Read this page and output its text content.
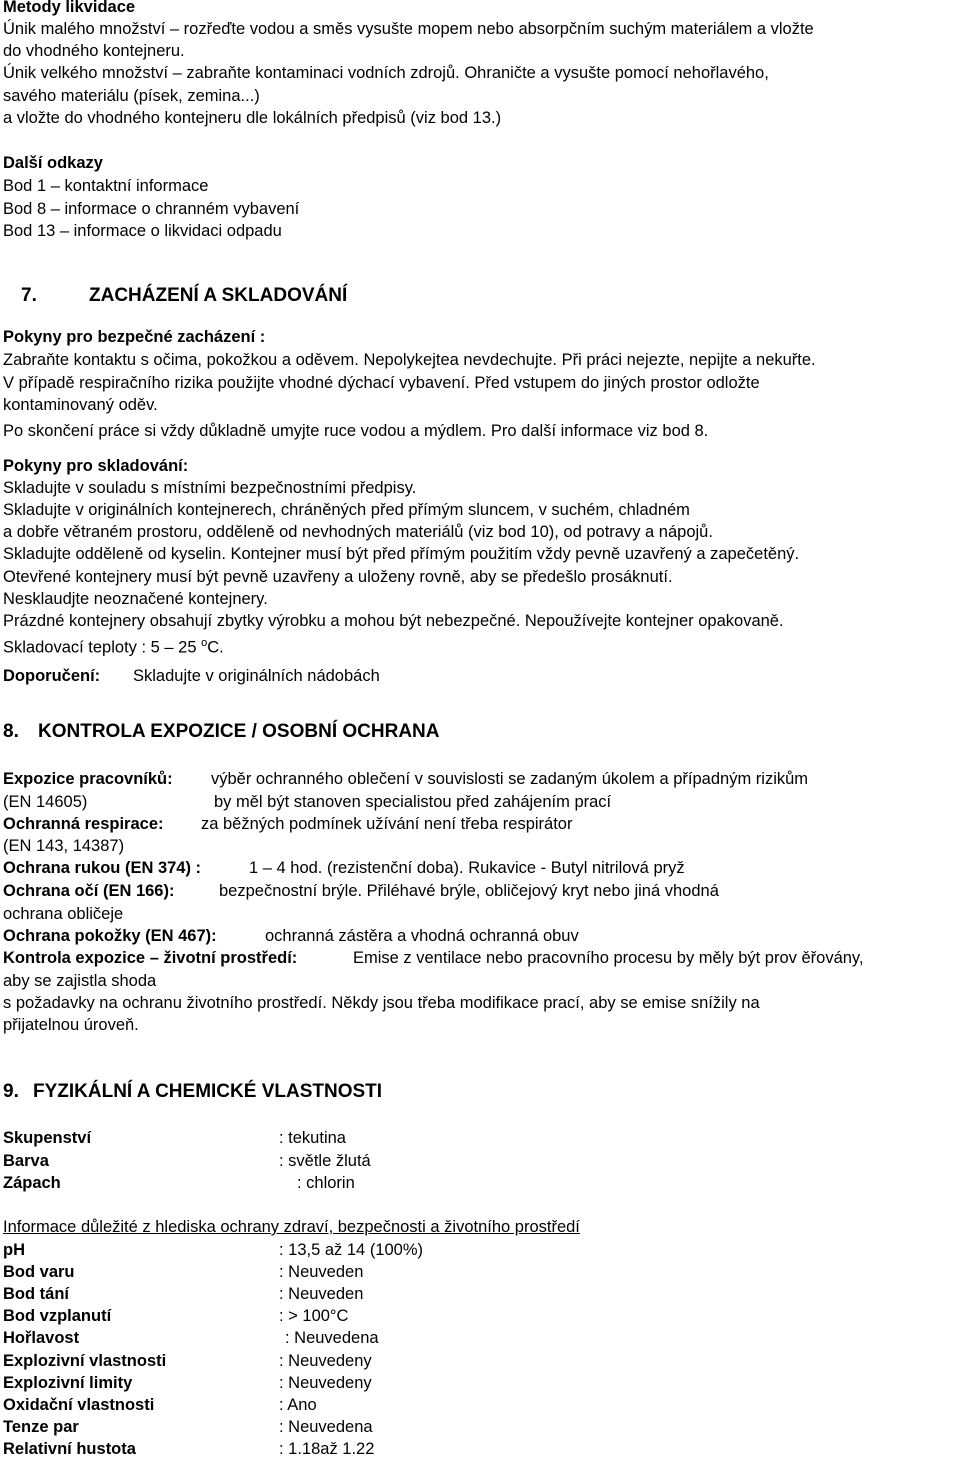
Metody likvidace
Únik malého množství – rozřeďte vodou a směs vysušte mopem nebo absorpčním suchým materiálem a vložte
do vhodného kontejneru.
Únik velkého množství – zabraňte kontaminaci vodních zdrojů. Ohraničte a vysušte pomocí nehořlavého,
savého materiálu (písek, zemina...)
a vložte do vhodného kontejneru dle lokálních předpisů (viz bod 13.)
Další odkazy
Bod 1 – kontaktní informace
Bod 8 – informace o chranném vybavení
Bod 13 – informace o likvidaci odpadu
7.	ZACHÁZENÍ A SKLADOVÁNÍ
Pokyny pro bezpečné zacházení :
Zabraňte kontaktu s očima, pokožkou a oděvem. Nepolykejtea nevdechujte. Při práci nejezte, nepijte a nekuřte.
V případě respiračního rizika použijte vhodné dýchací vybavení. Před vstupem do jiných prostor odložte
kontaminovaný oděv.
Po skončení práce si vždy důkladně umyjte ruce vodou a mýdlem. Pro další informace viz bod 8.
Pokyny pro skladování:
Skladujte v souladu s místními bezpečnostními předpisy.
Skladujte v originálních kontejnerech, chráněných před přímým sluncem, v suchém, chladném
a dobře větraném prostoru, odděleně od nevhodných materiálů (viz bod 10), od potravy a nápojů.
Skladujte odděleně od kyselin. Kontejner musí být před přímým použitím vždy pevně uzavřený a zapečetěný.
Otevřené kontejnery musí být pevně uzavřeny a uloženy rovně, aby se předešlo prosáknutí.
Nesklaudjte neoznačené kontejnery.
Prázdné kontejnery obsahují zbytky výrobku a mohou být nebezpečné. Nepoužívejte kontejner opakovaně.
Skladovací teploty : 5 – 25 $^o$C.
Doporučení: Skladujte v originálních nádobách
8. KONTROLA EXPOZICE / OSOBNÍ OCHRANA
Expozice pracovníků: výběr ochranného oblečení v souvislosti se zadaným úkolem a případným rizikům
(EN 14605)	by měl být stanoven specialistou před zahájením prací
Ochranná respirace: za běžných podmínek užívání není třeba respirátor
(EN 143, 14387)
Ochrana rukou (EN 374) :	1 – 4 hod. (rezistenční doba). Rukavice - Butyl nitrilová pryž
Ochrana očí (EN 166):	bezpečnostní brýle. Přiléhavé brýle, obličejový kryt nebo jiná vhodná
ochrana obličeje
Ochrana pokožky (EN 467):	ochranná zástěra a vhodná ochranná obuv
Kontrola expozice – životní prostředí:	Emise z ventilace nebo pracovního procesu by měly být prov ěřovány,
aby se zajistla shoda
s požadavky na ochranu životního prostředí. Někdy jsou třeba modifikace prací, aby se emise snížily na
přijatelnou úroveň.
9. FYZIKÁLNÍ A CHEMICKÉ VLASTNOSTI
Skupenství	: tekutina
Barva	: světle žlutá
Zápach	: chlorin
Informace důležité z hlediska ochrany zdraví, bezpečnosti a životního prostředí
pH	: 13,5 až 14 (100%)
Bod varu	: Neuveden
Bod tání	: Neuveden
Bod vzplanutí	: > 100°C
Hořlavost	: Neuvedena
Explozivní vlastnosti	: Neuvedeny
Explozivní limity	: Neuvedeny
Oxidační vlastnosti	: Ano
Tenze par	: Neuvedena
Relativní hustota	: 1.18až 1.22
